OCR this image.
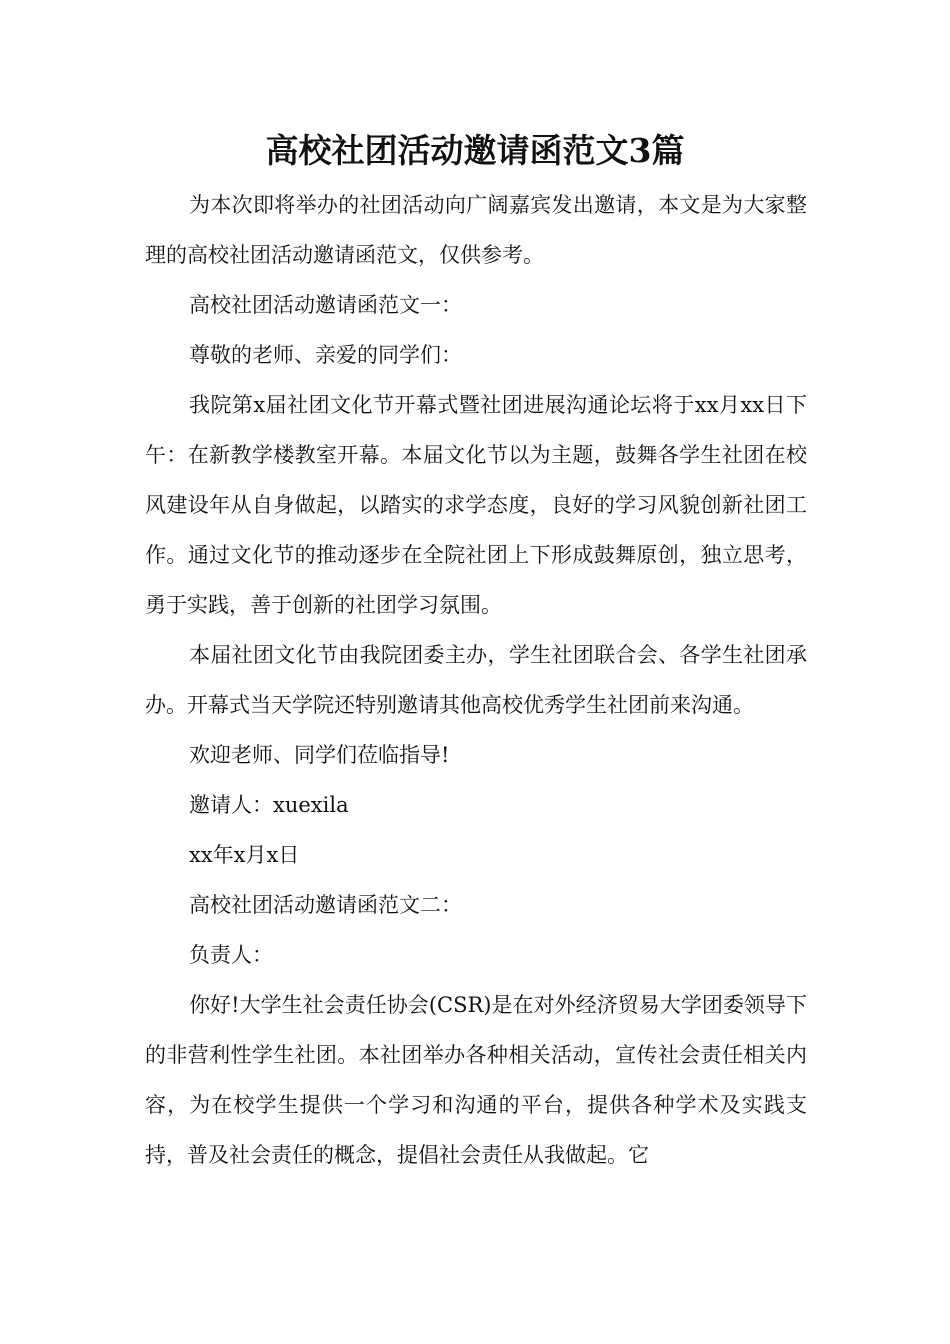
高校社团活动邀请函范文3篇

为本次即将举办的社团活动向广阔嘉宾发出邀请，本文是为大家整理的高校社团活动邀请函范文，仅供参考。

高校社团活动邀请函范文一：

尊敬的老师、亲爱的同学们：

我院第x届社团文化节开幕式暨社团进展沟通论坛将于xx月xx日下午：在新教学楼教室开幕。本届文化节以为主题，鼓舞各学生社团在校风建设年从自身做起，以踏实的求学态度，良好的学习风貌创新社团工作。通过文化节的推动逐步在全院社团上下形成鼓舞原创，独立思考，勇于实践，善于创新的社团学习氛围。

本届社团文化节由我院团委主办，学生社团联合会、各学生社团承办。开幕式当天学院还特别邀请其他高校优秀学生社团前来沟通。

欢迎老师、同学们莅临指导!

邀请人：xuexila

xx年x月x日

高校社团活动邀请函范文二：

负责人：

你好!大学生社会责任协会(CSR)是在对外经济贸易大学团委领导下的非营利性学生社团。本社团举办各种相关活动，宣传社会责任相关内容，为在校学生提供一个学习和沟通的平台，提供各种学术及实践支持，普及社会责任的概念，提倡社会责任从我做起。它
